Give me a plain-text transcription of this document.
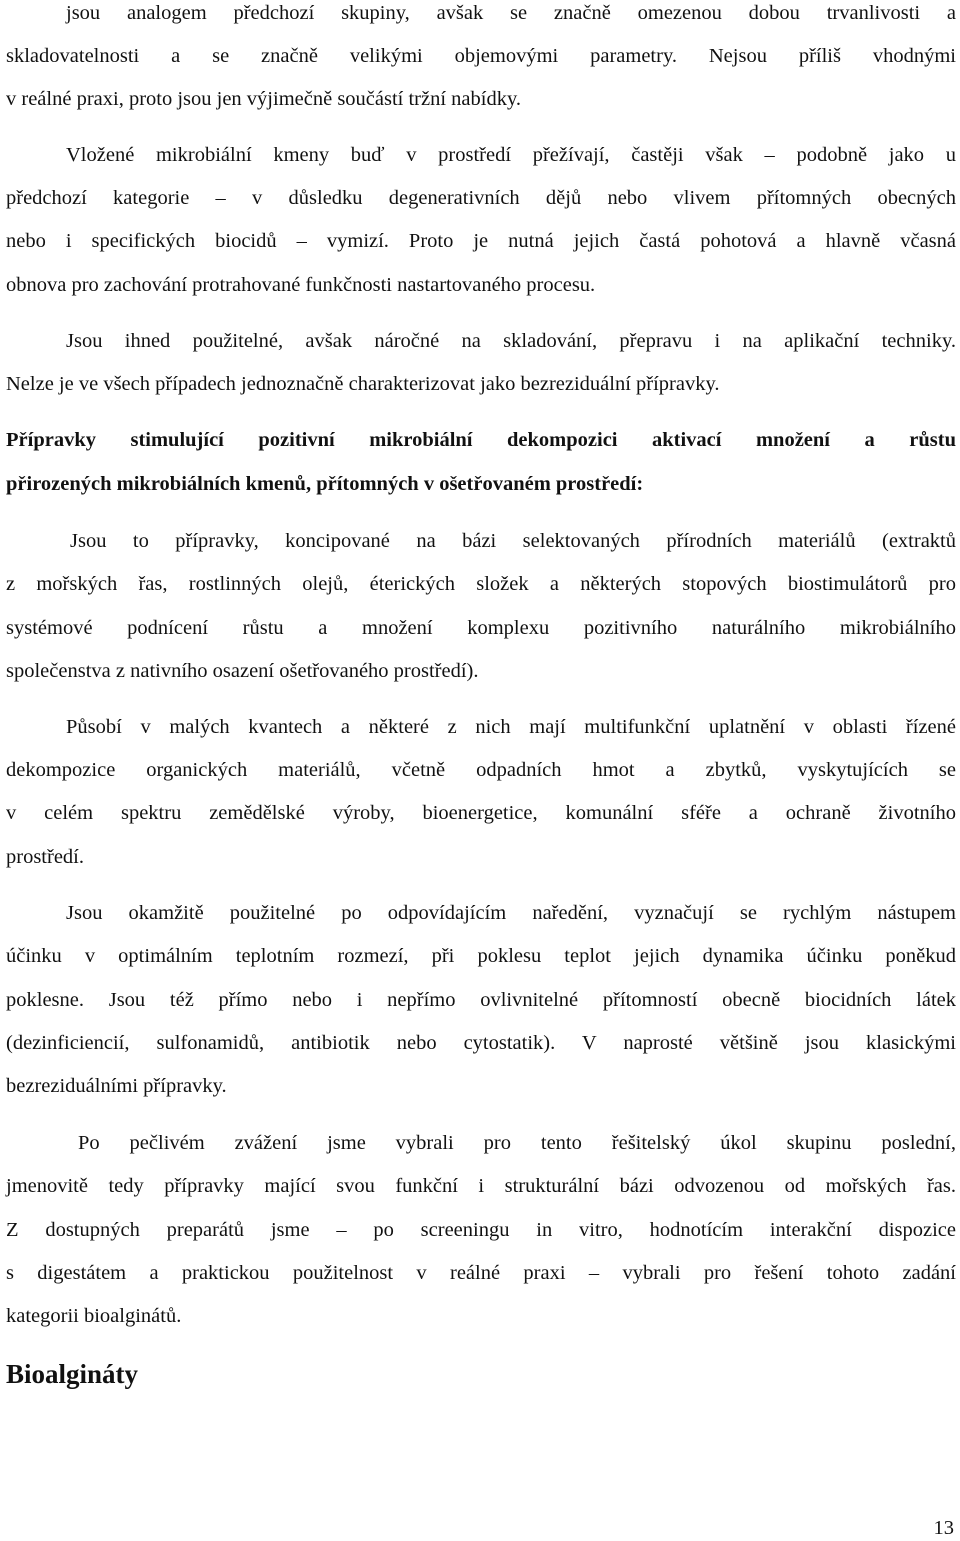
jsou analogem předchozí skupiny, avšak se značně omezenou dobou trvanlivosti a
skladovatelnosti a se značně velikými objemovými parametry. Nejsou příliš vhodnými
v reálné praxi, proto jsou jen výjimečně součástí tržní nabídky.
Vložené mikrobiální kmeny buď v prostředí přežívají, častěji však – podobně jako u
předchozí kategorie – v důsledku degenerativních dějů nebo vlivem přítomných obecných
nebo i specifických biocidů – vymizí. Proto je nutná jejich častá pohotová a hlavně včasná
obnova pro zachování protrahované funkčnosti nastartovaného procesu.
Jsou ihned použitelné, avšak náročné na skladování, přepravu i na aplikační techniky.
Nelze je ve všech případech jednoznačně charakterizovat jako bezreziduální přípravky.
Přípravky stimulující pozitivní mikrobiální dekompozici aktivací množení a růstu
přirozených mikrobiálních kmenů, přítomných v ošetřovaném prostředí:
Jsou to přípravky, koncipované na bázi selektovaných přírodních materiálů (extraktů
z mořských řas, rostlinných olejů, éterických složek a některých stopových biostimulátorů pro
systémové podnícení růstu a množení komplexu pozitivního naturálního mikrobiálního
společenstva z nativního osazení ošetřovaného prostředí).
Působí v malých kvantech a některé z nich mají multifunkční uplatnění v oblasti řízené
dekompozice organických materiálů, včetně odpadních hmot a zbytků, vyskytujících se
v celém spektru zemědělské výroby, bioenergetice, komunální sféře a ochraně životního
prostředí.
Jsou okamžitě použitelné po odpovídajícím naředění, vyznačují se rychlým nástupem
účinku v optimálním teplotním rozmezí, při poklesu teplot jejich dynamika účinku poněkud
poklesne. Jsou též přímo nebo i nepřímo ovlivnitelné přítomností obecně biocidních látek
(dezinficiencií, sulfonamidů, antibiotik nebo cytostatik). V naprosté většině jsou klasickými
bezreziduálními přípravky.
Po pečlivém zvážení jsme vybrali pro tento řešitelský úkol skupinu poslední,
jmenovitě tedy přípravky mající svou funkční i strukturální bázi odvozenou od mořských řas.
Z dostupných preparátů jsme – po screeningu in vitro, hodnotícím interakční dispozice
s digestátem a praktickou použitelnost v reálné praxi – vybrali pro řešení tohoto zadání
kategorii bioalginátů.
Bioalgináty
13
